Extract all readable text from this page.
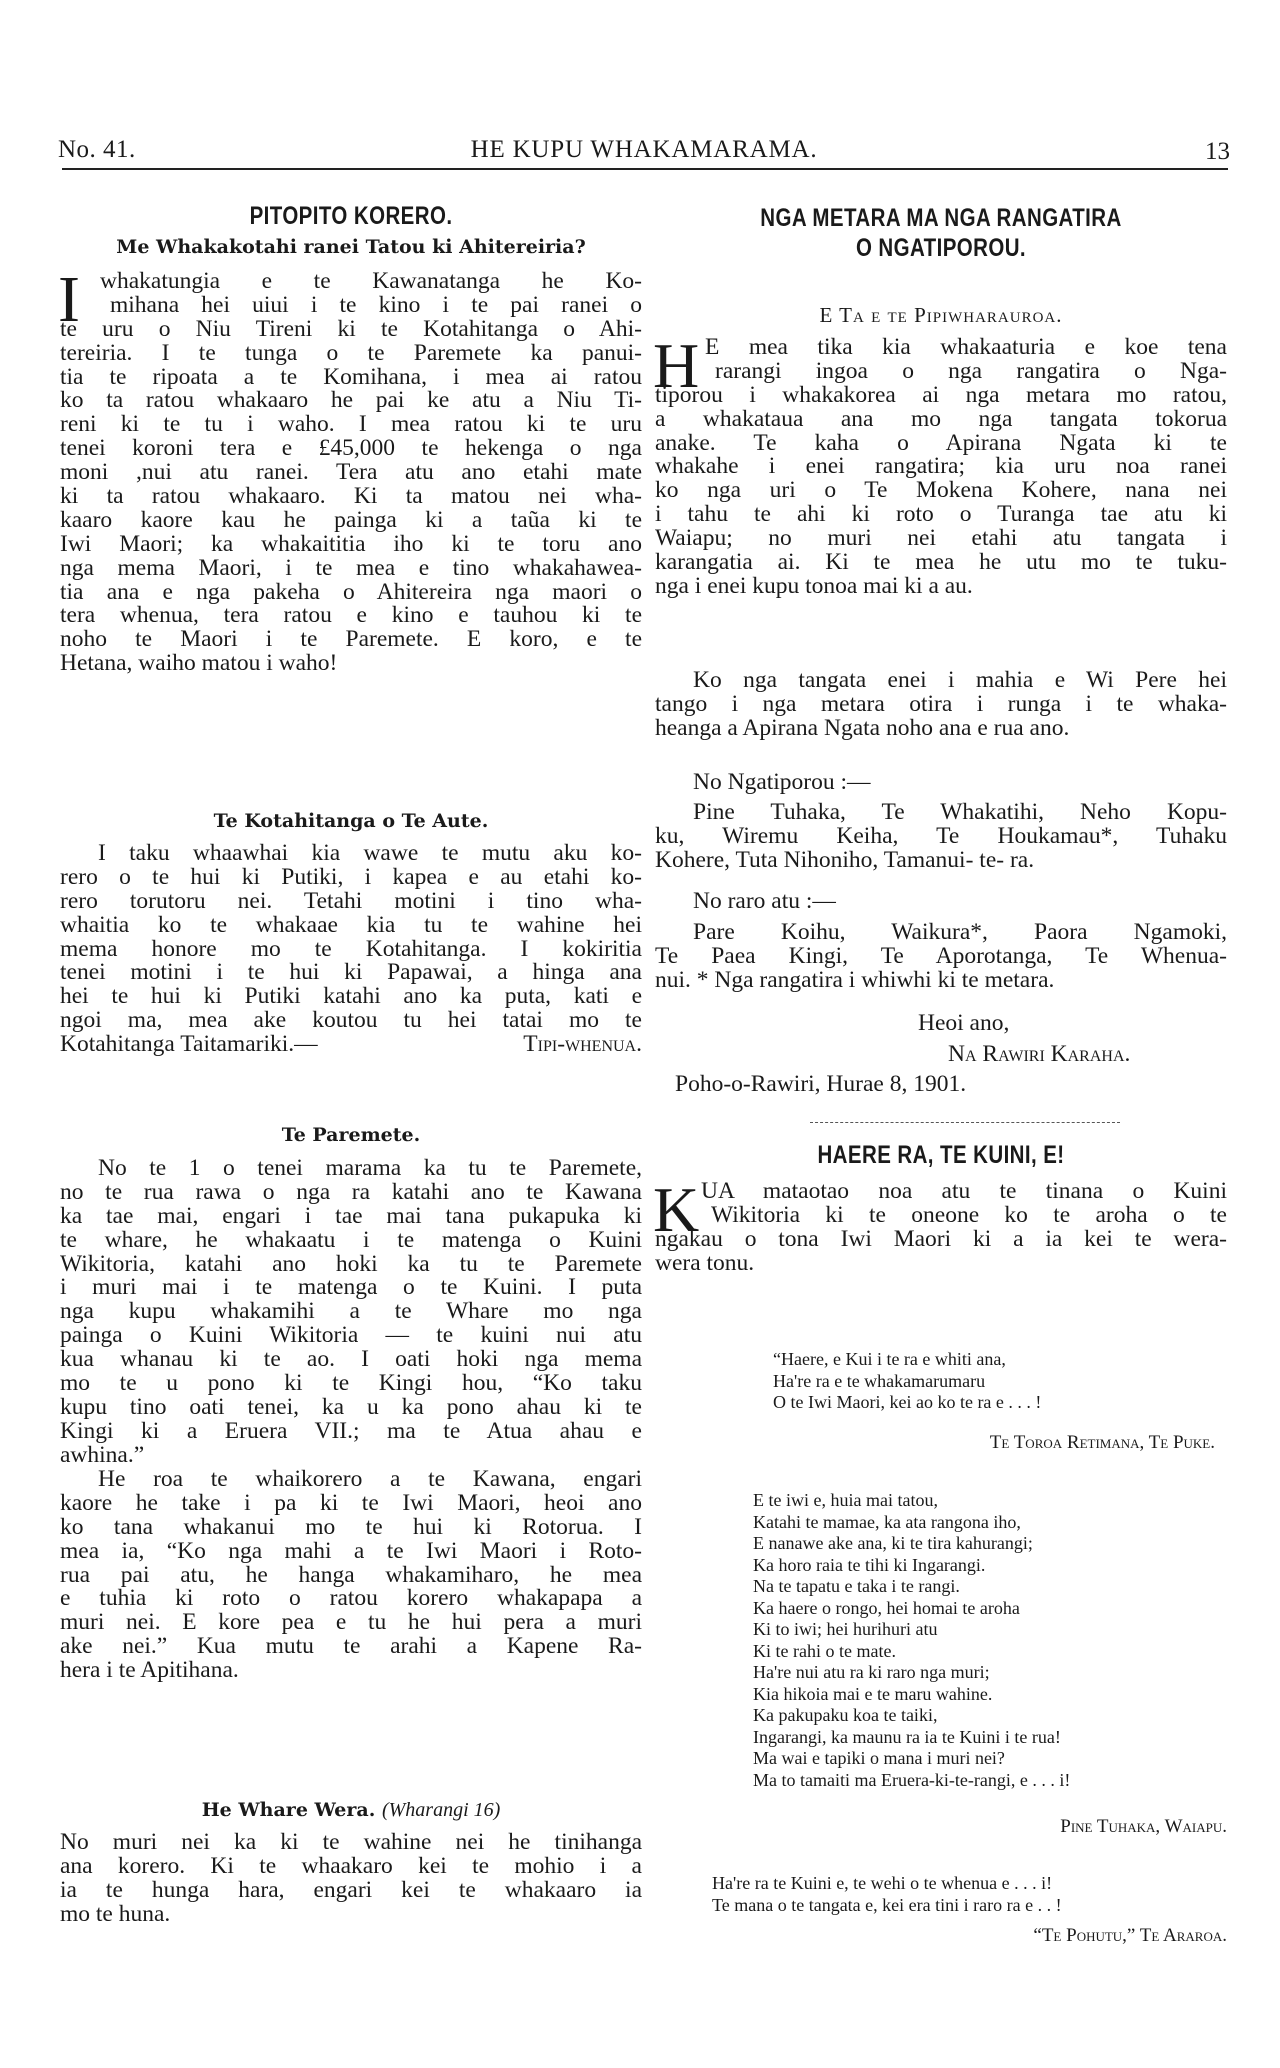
No. 41.	HE KUPU WHAKAMARAMA.	13
PITOPITO KORERO.
Me Whakakotahi ranei Tatou ki Ahitereiria?
I whakatungia e te Kawanatanga he Ko-
mihana hei uiui i te kino i te pai ranei o
te uru o Niu Tireni ki te Kotahitanga o Ahi-
tereiria. I te tunga o te Paremete ka panui-
tia te ripoata a te Komihana, i mea ai ratou
ko ta ratou whakaaro he pai ke atu a Niu Ti-
reni ki te tu i waho. I mea ratou ki te uru
tenei koroni tera e £45,000 te hekenga o nga
moni ,nui atu ranei. Tera atu ano etahi mate
ki ta ratou whakaaro. Ki ta matou nei wha-
kaaro kaore kau he painga ki a taũa ki te
Iwi Maori; ka whakaititia iho ki te toru ano
nga mema Maori, i te mea e tino whakahawea-
tia ana e nga pakeha o Ahitereira nga maori o
tera whenua, tera ratou e kino e tauhou ki te
noho te Maori i te Paremete. E koro, e te
Hetana, waiho matou i waho!
Te Kotahitanga o Te Aute.
I taku whaawhai kia wawe te mutu aku ko-
rero o te hui ki Putiki, i kapea e au etahi ko-
rero torutoru nei. Tetahi motini i tino wha-
whaitia ko te whakaae kia tu te wahine hei
mema honore mo te Kotahitanga. I kokiritia
tenei motini i te hui ki Papawai, a hinga ana
hei te hui ki Putiki katahi ano ka puta, kati e
ngoi ma, mea ake koutou tu hei tatai mo te
Kotahitanga Taitamariki.—	Tipi-whenua.
Te Paremete.
No te 1 o tenei marama ka tu te Paremete,
no te rua rawa o nga ra katahi ano te Kawana
ka tae mai, engari i tae mai tana pukapuka ki
te whare, he whakaatu i te matenga o Kuini
Wikitoria, katahi ano hoki ka tu te Paremete
i muri mai i te matenga o te Kuini. I puta
nga kupu whakamihi a te Whare mo nga
painga o Kuini Wikitoria — te kuini nui atu
kua whanau ki te ao. I oati hoki nga mema
mo te u pono ki te Kingi hou, “Ko taku
kupu tino oati tenei, ka u ka pono ahau ki te
Kingi ki a Eruera VII.; ma te Atua ahau e
awhina.”
He roa te whaikorero a te Kawana, engari
kaore he take i pa ki te Iwi Maori, heoi ano
ko tana whakanui mo te hui ki Rotorua. I
mea ia, “Ko nga mahi a te Iwi Maori i Roto-
rua pai atu, he hanga whakamiharo, he mea
e tuhia ki roto o ratou korero whakapapa a
muri nei. E kore pea e tu he hui pera a muri
ake nei.” Kua mutu te arahi a Kapene Ra-
hera i te Apitihana.
He Whare Wera. (Wharangi 16)
No muri nei ka ki te wahine nei he tinihanga
ana korero. Ki te whaakaro kei te mohio i a
ia te hunga hara, engari kei te whakaaro ia
mo te huna.
NGA METARA MA NGA RANGATIRA
O NGATIPOROU.
E Ta e te Pipiwharauroa.
H E mea tika kia whakaaturia e koe tena
rarangi ingoa o nga rangatira o Nga-
tiporou i whakakorea ai nga metara mo ratou,
a whakataua ana mo nga tangata tokorua
anake. Te kaha o Apirana Ngata ki te
whakahe i enei rangatira; kia uru noa ranei
ko nga uri o Te Mokena Kohere, nana nei
i tahu te ahi ki roto o Turanga tae atu ki
Waiapu; no muri nei etahi atu tangata i
karangatia ai. Ki te mea he utu mo te tuku-
nga i enei kupu tonoa mai ki a au.
Ko nga tangata enei i mahia e Wi Pere hei
tango i nga metara otira i runga i te whaka-
heanga a Apirana Ngata noho ana e rua ano.
No Ngatiporou :—
Pine Tuhaka, Te Whakatihi, Neho Kopu-
ku, Wiremu Keiha, Te Houkamau*, Tuhaku
Kohere, Tuta Nihoniho, Tamanui- te- ra.
No raro atu :—
Pare Koihu, Waikura*, Paora Ngamoki,
Te Paea Kingi, Te Aporotanga, Te Whenua-
nui. * Nga rangatira i whiwhi ki te metara.
Heoi ano,
Na Rawiri Karaha.
Poho-o-Rawiri, Hurae 8, 1901.
HAERE RA, TE KUINI, E!
K UA mataotao noa atu te tinana o Kuini
Wikitoria ki te oneone ko te aroha o te
ngakau o tona Iwi Maori ki a ia kei te wera-
wera tonu.
“Haere, e Kui i te ra e whiti ana,
Ha're ra e te whakamarumaru
O te Iwi Maori, kei ao ko te ra e . . . !
Te Toroa Retimana, Te Puke.
E te iwi e, huia mai tatou,
Katahi te mamae, ka ata rangona iho,
E nanawe ake ana, ki te tira kahurangi;
Ka horo raia te tihi ki Ingarangi.
Na te tapatu e taka i te rangi.
Ka haere o rongo, hei homai te aroha
Ki to iwi; hei hurihuri atu
Ki te rahi o te mate.
Ha're nui atu ra ki raro nga muri;
Kia hikoia mai e te maru wahine.
Ka pakupaku koa te taiki,
Ingarangi, ka maunu ra ia te Kuini i te rua!
Ma wai e tapiki o mana i muri nei?
Ma to tamaiti ma Eruera-ki-te-rangi, e . . . i!
Pine Tuhaka, Waiapu.
Ha're ra te Kuini e, te wehi o te whenua e . . . i!
Te mana o te tangata e, kei era tini i raro ra e . . !
“Te Pohutu,” Te Araroa.
